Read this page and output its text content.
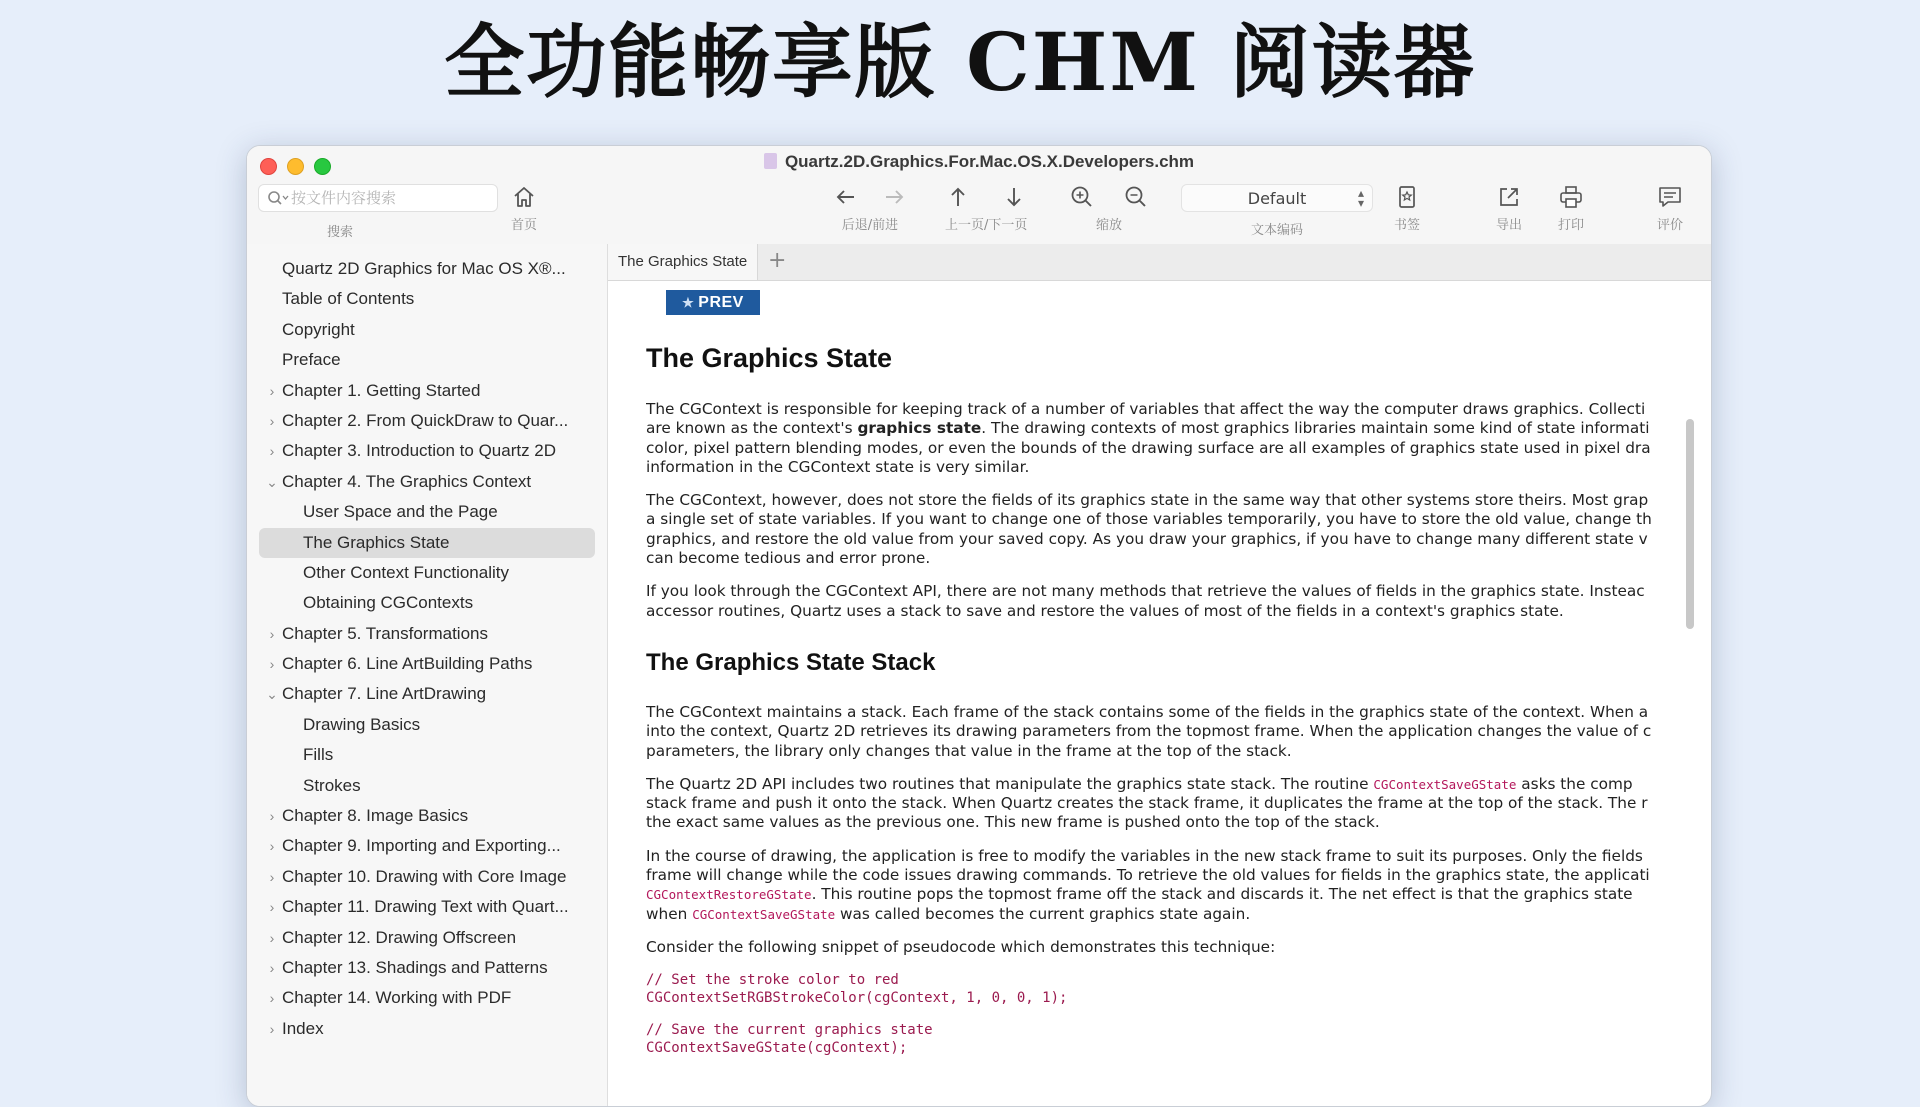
全功能畅享版 CHM 阅读器
Quartz.2D.Graphics.For.Mac.OS.X.Developers.chm
按文件内容搜索
搜索	首页	后退/前进	上一页/下一页	缩放
Default	▴
▾
文本编码	书签	导出	打印	评价
Quartz 2D Graphics for Mac OS X®...
Table of Contents
Copyright
Preface
› Chapter 1. Getting Started
› Chapter 2. From QuickDraw to Quar...
› Chapter 3. Introduction to Quartz 2D
⌄ Chapter 4. The Graphics Context
User Space and the Page
The Graphics State
Other Context Functionality
Obtaining CGContexts
› Chapter 5. Transformations
› Chapter 6. Line ArtBuilding Paths
⌄ Chapter 7. Line ArtDrawing
Drawing Basics
Fills
Strokes
› Chapter 8. Image Basics
› Chapter 9. Importing and Exporting...
› Chapter 10. Drawing with Core Image
› Chapter 11. Drawing Text with Quart...
› Chapter 12. Drawing Offscreen
› Chapter 13. Shadings and Patterns
› Chapter 14. Working with PDF
› Index
The Graphics State +
★ PREV
The Graphics State

The CGContext is responsible for keeping track of a number of variables that affect the way the computer draws graphics. Collecti
are known as the context's graphics state. The drawing contexts of most graphics libraries maintain some kind of state informati
color, pixel pattern blending modes, or even the bounds of the drawing surface are all examples of graphics state used in pixel dra
information in the CGContext state is very similar.

The CGContext, however, does not store the fields of its graphics state in the same way that other systems store theirs. Most grap
a single set of state variables. If you want to change one of those variables temporarily, you have to store the old value, change th
graphics, and restore the old value from your saved copy. As you draw your graphics, if you have to change many different state v
can become tedious and error prone.

If you look through the CGContext API, there are not many methods that retrieve the values of fields in the graphics state. Insteac
accessor routines, Quartz uses a stack to save and restore the values of most of the fields in a context's graphics state.

The Graphics State Stack

The CGContext maintains a stack. Each frame of the stack contains some of the fields in the graphics state of the context. When a
into the context, Quartz 2D retrieves its drawing parameters from the topmost frame. When the application changes the value of c
parameters, the library only changes that value in the frame at the top of the stack.

The Quartz 2D API includes two routines that manipulate the graphics state stack. The routine CGContextSaveGState asks the comp
stack frame and push it onto the stack. When Quartz creates the stack frame, it duplicates the frame at the top of the stack. The r
the exact same values as the previous one. This new frame is pushed onto the top of the stack.

In the course of drawing, the application is free to modify the variables in the new stack frame to suit its purposes. Only the fields
frame will change while the code issues drawing commands. To retrieve the old values for fields in the graphics state, the applicati
CGContextRestoreGState. This routine pops the topmost frame off the stack and discards it. The net effect is that the graphics state
when CGContextSaveGState was called becomes the current graphics state again.

Consider the following snippet of pseudocode which demonstrates this technique:

// Set the stroke color to red
CGContextSetRGBStrokeColor(cgContext, 1, 0, 0, 1);
// Save the current graphics state
CGContextSaveGState(cgContext);
